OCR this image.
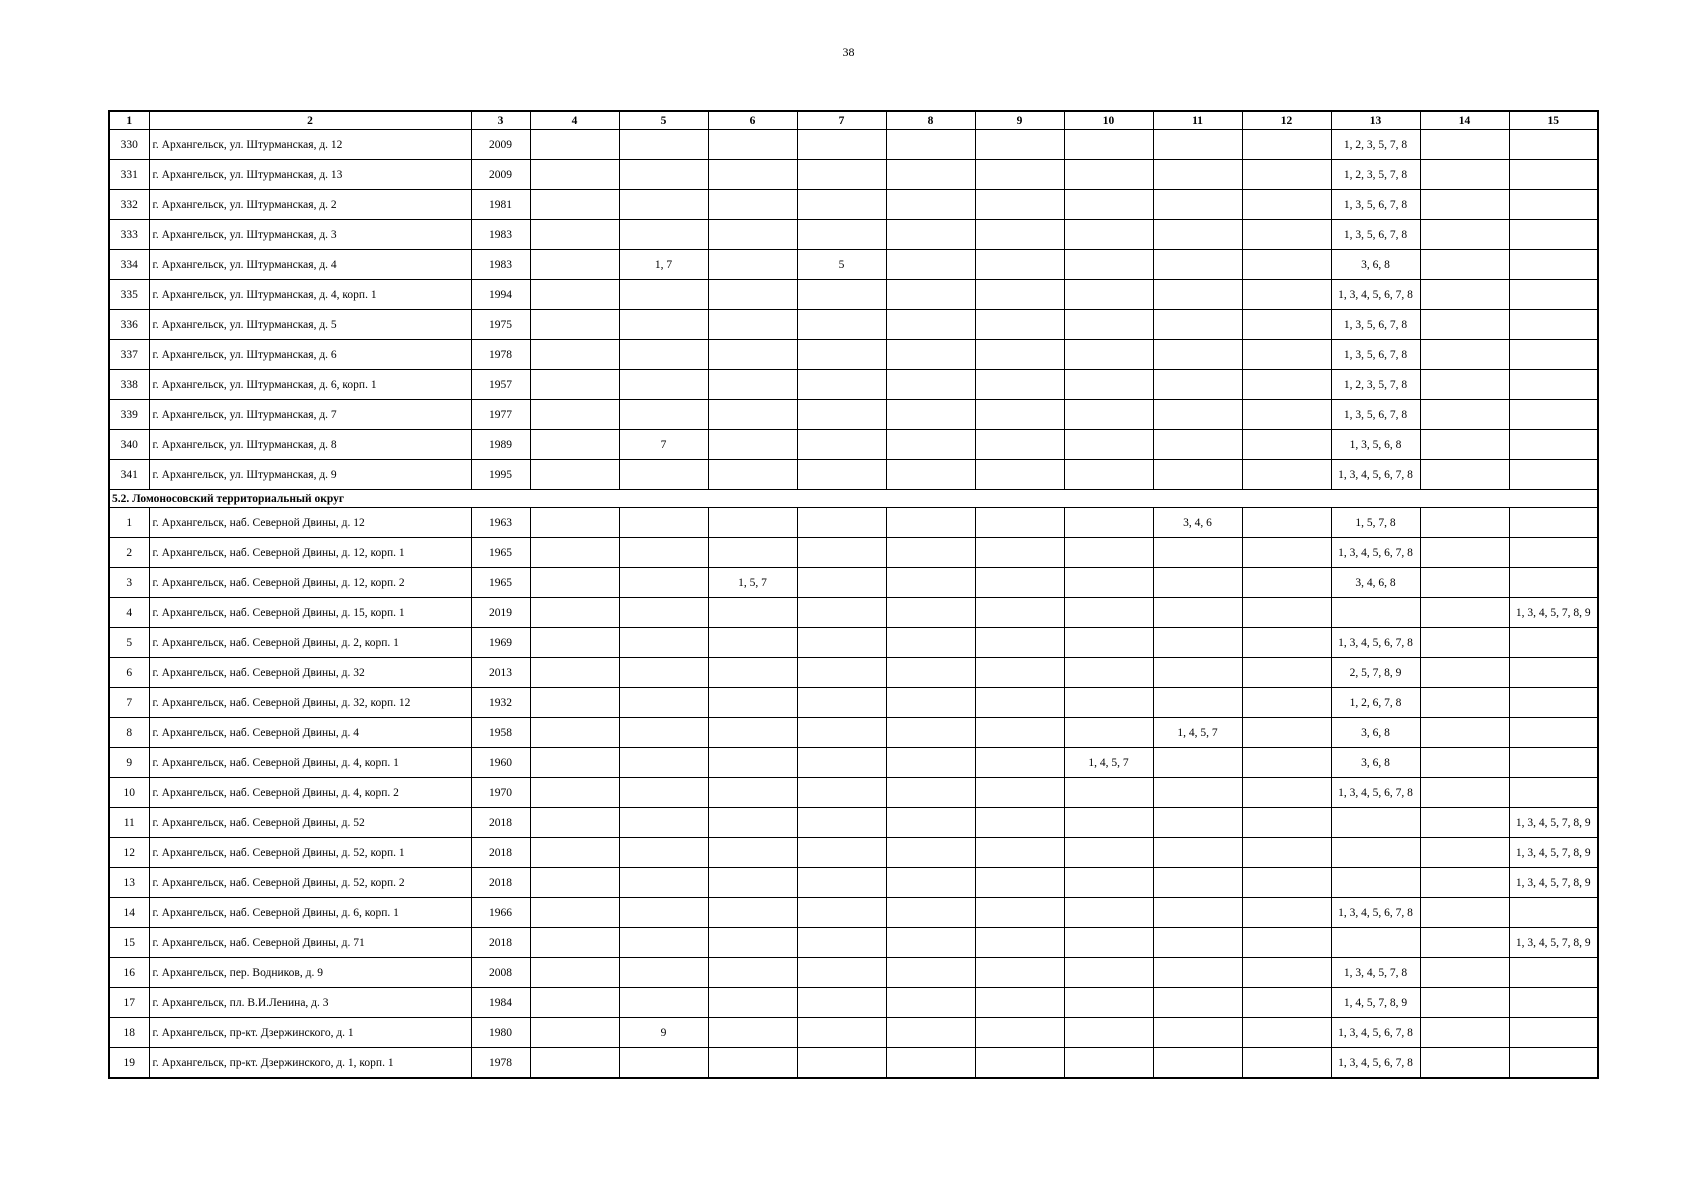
38
1	2	3	4	5	6	7	8	9	10	11	12	13	14	15
330	г. Архангельск, ул. Штурманская, д. 12	2009										1, 2, 3, 5, 7, 8		
331	г. Архангельск, ул. Штурманская, д. 13	2009										1, 2, 3, 5, 7, 8		
332	г. Архангельск, ул. Штурманская, д. 2	1981										1, 3, 5, 6, 7, 8		
333	г. Архангельск, ул. Штурманская, д. 3	1983										1, 3, 5, 6, 7, 8		
334	г. Архангельск, ул. Штурманская, д. 4	1983		1, 7		5						3, 6, 8		
335	г. Архангельск, ул. Штурманская, д. 4, корп. 1	1994										1, 3, 4, 5, 6, 7, 8		
336	г. Архангельск, ул. Штурманская, д. 5	1975										1, 3, 5, 6, 7, 8		
337	г. Архангельск, ул. Штурманская, д. 6	1978										1, 3, 5, 6, 7, 8		
338	г. Архангельск, ул. Штурманская, д. 6, корп. 1	1957										1, 2, 3, 5, 7, 8		
339	г. Архангельск, ул. Штурманская, д. 7	1977										1, 3, 5, 6, 7, 8		
340	г. Архангельск, ул. Штурманская, д. 8	1989		7								1, 3, 5, 6, 8		
341	г. Архангельск, ул. Штурманская, д. 9	1995										1, 3, 4, 5, 6, 7, 8		
5.2. Ломоносовский территориальный округ														
1	г. Архангельск, наб. Северной Двины, д. 12	1963								3, 4, 6		1, 5, 7, 8		
2	г. Архангельск, наб. Северной Двины, д. 12, корп. 1	1965										1, 3, 4, 5, 6, 7, 8		
3	г. Архангельск, наб. Северной Двины, д. 12, корп. 2	1965			1, 5, 7							3, 4, 6, 8		
4	г. Архангельск, наб. Северной Двины, д. 15, корп. 1	2019												1, 3, 4, 5, 7, 8, 9
5	г. Архангельск, наб. Северной Двины, д. 2, корп. 1	1969										1, 3, 4, 5, 6, 7, 8		
6	г. Архангельск, наб. Северной Двины, д. 32	2013										2, 5, 7, 8, 9		
7	г. Архангельск, наб. Северной Двины, д. 32, корп. 12	1932										1, 2, 6, 7, 8		
8	г. Архангельск, наб. Северной Двины, д. 4	1958								1, 4, 5, 7		3, 6, 8		
9	г. Архангельск, наб. Северной Двины, д. 4, корп. 1	1960							1, 4, 5, 7			3, 6, 8		
10	г. Архангельск, наб. Северной Двины, д. 4, корп. 2	1970										1, 3, 4, 5, 6, 7, 8		
11	г. Архангельск, наб. Северной Двины, д. 52	2018												1, 3, 4, 5, 7, 8, 9
12	г. Архангельск, наб. Северной Двины, д. 52, корп. 1	2018												1, 3, 4, 5, 7, 8, 9
13	г. Архангельск, наб. Северной Двины, д. 52, корп. 2	2018												1, 3, 4, 5, 7, 8, 9
14	г. Архангельск, наб. Северной Двины, д. 6, корп. 1	1966										1, 3, 4, 5, 6, 7, 8		
15	г. Архангельск, наб. Северной Двины, д. 71	2018												1, 3, 4, 5, 7, 8, 9
16	г. Архангельск, пер. Водников, д. 9	2008										1, 3, 4, 5, 7, 8		
17	г. Архангельск, пл. В.И.Ленина, д. 3	1984										1, 4, 5, 7, 8, 9		
18	г. Архангельск, пр-кт. Дзержинского, д. 1	1980		9								1, 3, 4, 5, 6, 7, 8		
19	г. Архангельск, пр-кт. Дзержинского, д. 1, корп. 1	1978										1, 3, 4, 5, 6, 7, 8		
